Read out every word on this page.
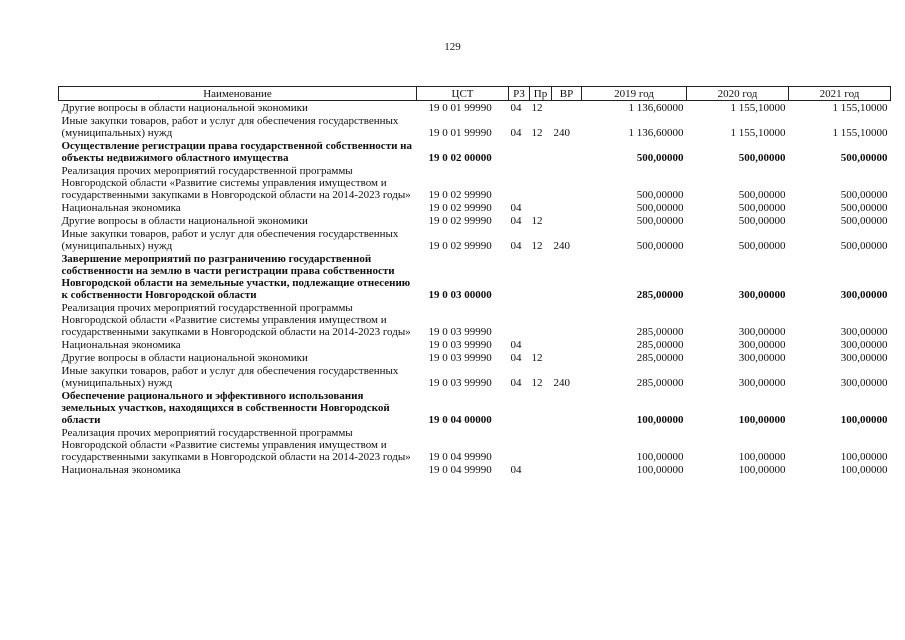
129
Наименование	ЦСТ	РЗ	Пр	ВР	2019 год	2020 год	2021 год
Другие вопросы в области национальной экономики	19 0 01 99990	04	12		1 136,60000	1 155,10000	1 155,10000
Иные закупки товаров, работ и услуг для обеспечения государственных (муниципальных) нужд	19 0 01 99990	04	12	240	1 136,60000	1 155,10000	1 155,10000
Осуществление регистрации права государственной собственности на объекты недвижимого областного имущества	19 0 02 00000				500,00000	500,00000	500,00000
Реализация прочих мероприятий государственной программы Новгородской области «Развитие системы управления имуществом и государственными закупками в Новгородской области на 2014-2023 годы»	19 0 02 99990				500,00000	500,00000	500,00000
Национальная экономика	19 0 02 99990	04			500,00000	500,00000	500,00000
Другие вопросы в области национальной экономики	19 0 02 99990	04	12		500,00000	500,00000	500,00000
Иные закупки товаров, работ и услуг для обеспечения государственных (муниципальных) нужд	19 0 02 99990	04	12	240	500,00000	500,00000	500,00000
Завершение мероприятий по разграничению государственной собственности на землю в части регистрации права собственности Новгородской области на земельные участки, подлежащие отнесению к собственности Новгородской области	19 0 03 00000				285,00000	300,00000	300,00000
Реализация прочих мероприятий государственной программы Новгородской области «Развитие системы управления имуществом и государственными закупками в Новгородской области на 2014-2023 годы»	19 0 03 99990				285,00000	300,00000	300,00000
Национальная экономика	19 0 03 99990	04			285,00000	300,00000	300,00000
Другие вопросы в области национальной экономики	19 0 03 99990	04	12		285,00000	300,00000	300,00000
Иные закупки товаров, работ и услуг для обеспечения государственных (муниципальных) нужд	19 0 03 99990	04	12	240	285,00000	300,00000	300,00000
Обеспечение рационального и эффективного использования земельных участков, находящихся в собственности Новгородской области	19 0 04 00000				100,00000	100,00000	100,00000
Реализация прочих мероприятий государственной программы Новгородской области «Развитие системы управления имуществом и государственными закупками в Новгородской области на 2014-2023 годы»	19 0 04 99990				100,00000	100,00000	100,00000
Национальная экономика	19 0 04 99990	04			100,00000	100,00000	100,00000
